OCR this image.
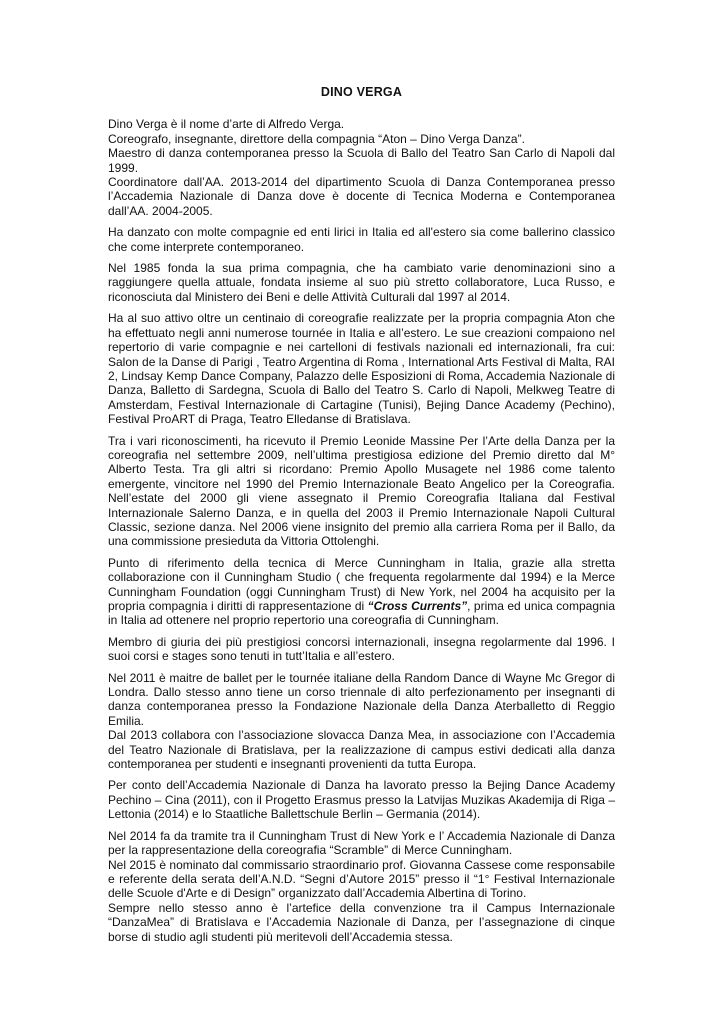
DINO VERGA

Dino Verga è il nome d’arte di Alfredo Verga.

Coreografo, insegnante, direttore della compagnia “Aton – Dino Verga Danza”.

Maestro di danza contemporanea presso la Scuola di Ballo del Teatro San Carlo di Napoli dal 1999.

Coordinatore dall’AA. 2013-2014 del dipartimento Scuola di Danza Contemporanea presso l’Accademia Nazionale di Danza dove è docente di Tecnica Moderna e Contemporanea dall’AA. 2004-2005.

Ha danzato con molte compagnie ed enti lirici in Italia ed all'estero sia come ballerino classico che come interprete contemporaneo.

Nel 1985 fonda la sua prima compagnia, che ha cambiato varie denominazioni sino a raggiungere quella attuale, fondata insieme al suo più stretto collaboratore, Luca Russo, e riconosciuta dal Ministero dei Beni e delle Attività Culturali dal 1997 al 2014.

Ha al suo attivo oltre un centinaio di coreografie realizzate per la propria compagnia Aton che ha effettuato negli anni numerose tournée in Italia e all’estero. Le sue creazioni compaiono nel repertorio di varie compagnie e nei cartelloni di festivals nazionali ed internazionali, fra cui: Salon de la Danse di Parigi , Teatro Argentina di Roma , International Arts Festival di Malta, RAI 2, Lindsay Kemp Dance Company, Palazzo delle Esposizioni di Roma, Accademia Nazionale di Danza, Balletto di Sardegna, Scuola di Ballo del Teatro S. Carlo di Napoli, Melkweg Teatre di Amsterdam, Festival Internazionale di Cartagine (Tunisi), Bejing Dance Academy (Pechino), Festival ProART di Praga, Teatro Elledanse di Bratislava.

Tra i vari riconoscimenti, ha ricevuto il Premio Leonide Massine Per l’Arte della Danza per la coreografia nel settembre 2009, nell’ultima prestigiosa edizione del Premio diretto dal M° Alberto Testa. Tra gli altri si ricordano: Premio Apollo Musagete nel 1986 come talento emergente, vincitore nel 1990 del Premio Internazionale Beato Angelico per la Coreografia. Nell’estate del 2000 gli viene assegnato il Premio Coreografia Italiana dal Festival Internazionale Salerno Danza, e in quella del 2003 il Premio Internazionale Napoli Cultural Classic, sezione danza. Nel 2006 viene insignito del premio alla carriera Roma per il Ballo, da una commissione presieduta da Vittoria Ottolenghi.

Punto di riferimento della tecnica di Merce Cunningham in Italia, grazie alla stretta collaborazione con il Cunningham Studio ( che frequenta regolarmente dal 1994) e la Merce Cunningham Foundation (oggi Cunningham Trust) di New York, nel 2004 ha acquisito per la propria compagnia i diritti di rappresentazione di “Cross Currents”, prima ed unica compagnia in Italia ad ottenere nel proprio repertorio una coreografia di Cunningham.

Membro di giuria dei più prestigiosi concorsi internazionali, insegna regolarmente dal 1996. I suoi corsi e stages sono tenuti in tutt’Italia e all’estero.

Nel 2011 è maitre de ballet per le tournée italiane della Random Dance di Wayne Mc Gregor di Londra. Dallo stesso anno tiene un corso triennale di alto perfezionamento per insegnanti di danza contemporanea presso la Fondazione Nazionale della Danza Aterballetto di Reggio Emilia.

Dal 2013 collabora con l’associazione slovacca Danza Mea, in associazione con l’Accademia del Teatro Nazionale di Bratislava, per la realizzazione di campus estivi dedicati alla danza contemporanea per studenti e insegnanti provenienti da tutta Europa.

Per conto dell’Accademia Nazionale di Danza ha lavorato presso la Bejing Dance Academy Pechino – Cina (2011), con il Progetto Erasmus presso la Latvijas Muzikas Akademija di Riga – Lettonia (2014) e lo Staatliche Ballettschule Berlin – Germania (2014).

Nel 2014 fa da tramite tra il Cunningham Trust di New York e l’ Accademia Nazionale di Danza per la rappresentazione della coreografia “Scramble” di Merce Cunningham.

Nel 2015 è nominato dal commissario straordinario prof. Giovanna Cassese come responsabile e referente della serata dell’A.N.D. “Segni d’Autore 2015” presso il “1° Festival Internazionale delle Scuole d'Arte e di Design” organizzato dall’Accademia Albertina di Torino.

Sempre nello stesso anno è l’artefice della convenzione tra il Campus Internazionale “DanzaMea” di Bratislava e l’Accademia Nazionale di Danza, per l’assegnazione di cinque borse di studio agli studenti più meritevoli dell’Accademia stessa.
